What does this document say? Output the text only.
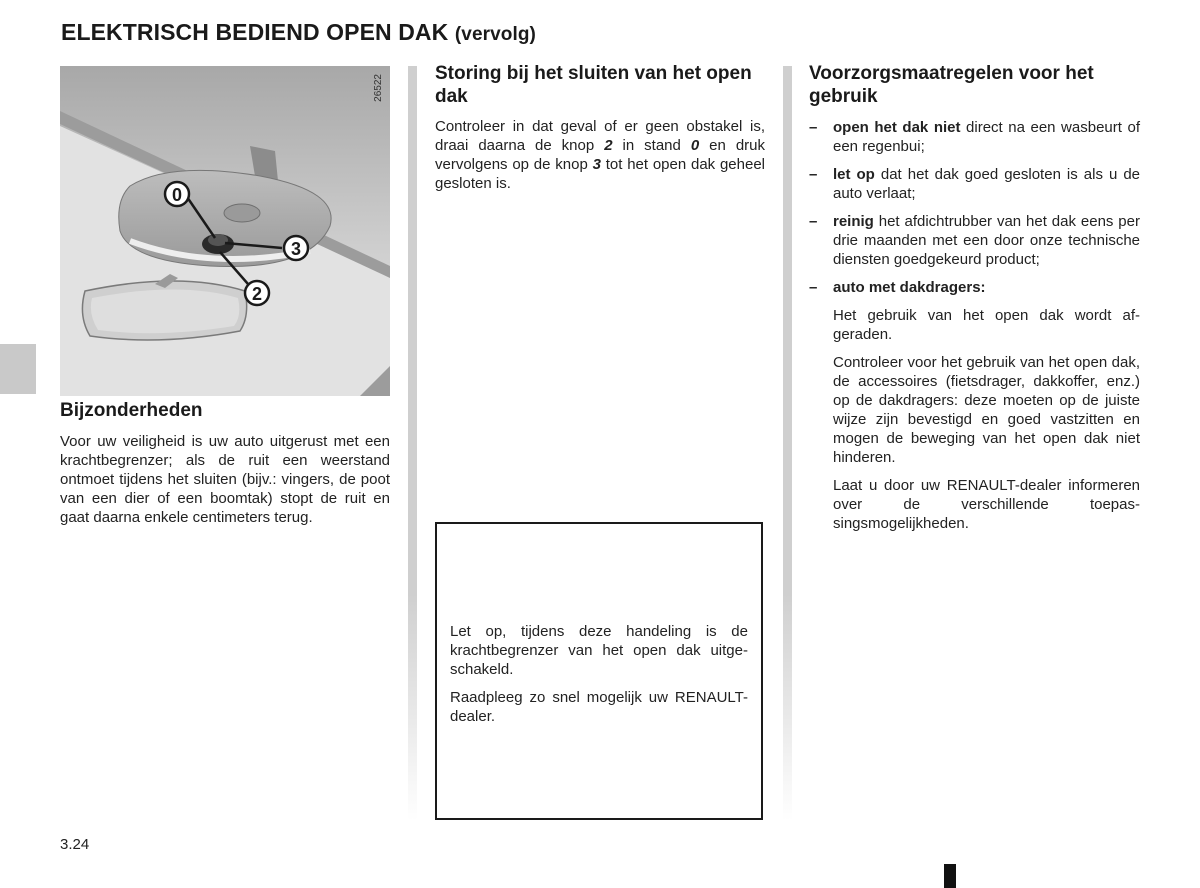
ELEKTRISCH BEDIEND OPEN DAK (vervolg)
0
3
2
26522
Bijzonderheden

Voor uw veiligheid is uw auto uitgerust met een krachtbegrenzer; als de ruit een weerstand ontmoet tijdens het sluiten (bijv.: vingers, de poot van een dier of een boomtak) stopt de ruit en gaat daarna enkele centimeters terug.

Storing bij het sluiten van het open dak

Controleer in dat geval of er geen obstakel is, draai daarna de knop 2 in stand 0 en druk vervolgens op de knop 3 tot het open dak geheel gesloten is.

Let op, tijdens deze handeling is de krachtbegrenzer van het open dak uitgeschakeld.

Raadpleeg zo snel mogelijk uw RENAULT-dealer.

Voorzorgsmaatregelen voor het gebruik
– open het dak niet direct na een wasbeurt of een regenbui;
– let op dat het dak goed gesloten is als u de auto verlaat;
– reinig het afdichtrubber van het dak eens per drie maanden met een door onze technische diensten goedgekeurd product;
– auto met dakdragers:

Het gebruik van het open dak wordt afgeraden.

Controleer voor het gebruik van het open dak, de accessoires (fietsdrager, dakkoffer, enz.) op de dakdragers: deze moeten op de juiste wijze zijn bevestigd en goed vastzitten en mogen de beweging van het open dak niet hinderen.

Laat u door uw RENAULT-dealer informeren over de verschillende toepassingsmogelijkheden.

3.24
